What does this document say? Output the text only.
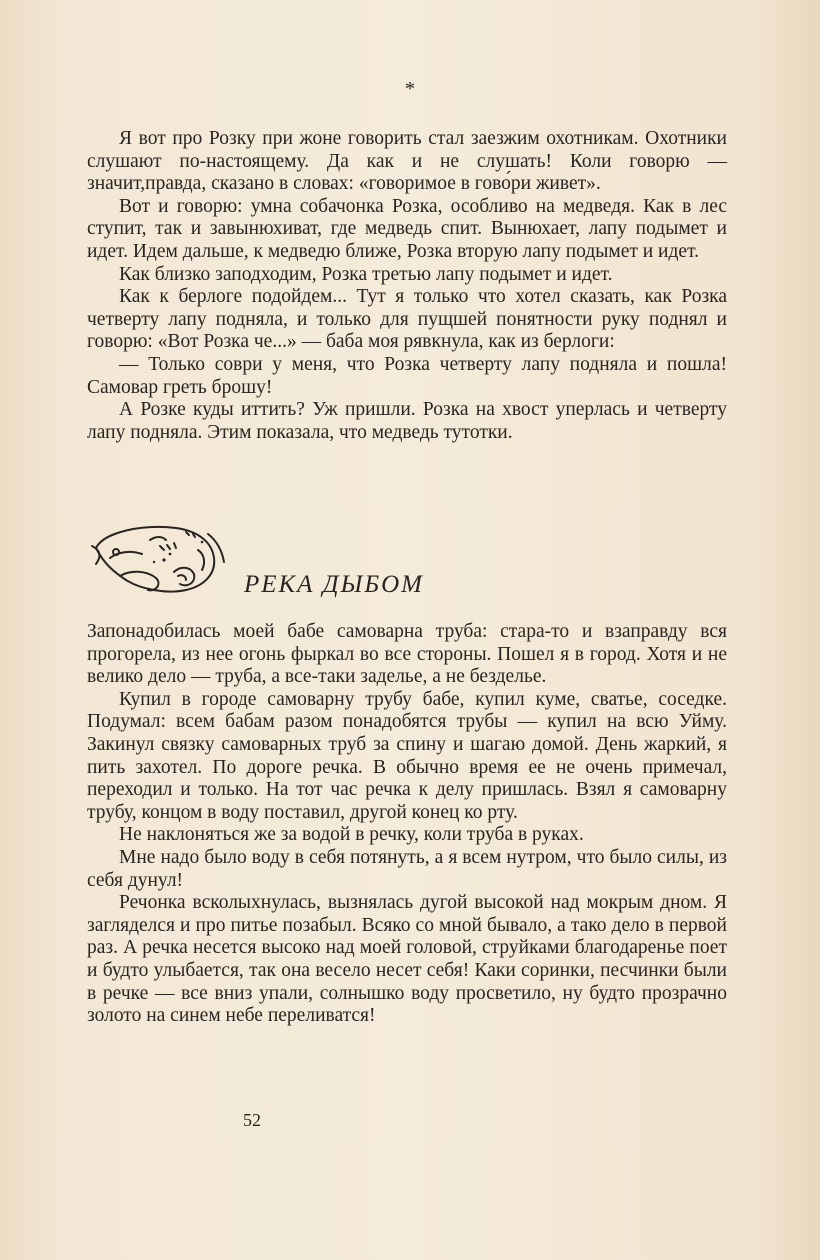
*

Я вот про Розку при жоне говорить стал заезжим охотникам. Охотники слушают по-настоящему. Да как и не слушать! Коли говорю — значит,правда, сказано в словах: «говоримое в гово́ри живет».

Вот и говорю: умна собачонка Розка, особливо на медведя. Как в лес ступит, так и завынюхиват, где медведь спит. Вынюхает, лапу подымет и идет. Идем дальше, к медведю ближе, Розка вторую лапу подымет и идет.

Как близко заподходим, Розка третью лапу подымет и идет.

Как к берлоге подойдем... Тут я только что хотел сказать, как Розка четверту лапу подняла, и только для пущшей понятности руку поднял и говорю: «Вот Розка че...» — баба моя рявкнула, как из берлоги:

— Только соври у меня, что Розка четверту лапу подняла и пошла! Самовар греть брошу!

А Розке куды иттить? Уж пришли. Розка на хвост уперлась и четверту лапу подняла. Этим показала, что медведь тутотки.

РЕКА ДЫБОМ

Запонадобилась моей бабе самоварна труба: стара-то и взаправду вся прогорела, из нее огонь фыркал во все стороны. Пошел я в город. Хотя и не велико дело — труба, а все-таки заделье, а не безделье.

Купил в городе самоварну трубу бабе, купил куме, сватье, соседке. Подумал: всем бабам разом понадобятся трубы — купил на всю Уйму. Закинул связку самоварных труб за спину и шагаю домой. День жаркий, я пить захотел. По дороге речка. В обычно время ее не очень примечал, переходил и только. На тот час речка к делу пришлась. Взял я самоварну трубу, концом в воду поставил, другой конец ко рту.

Не наклоняться же за водой в речку, коли труба в руках.

Мне надо было воду в себя потянуть, а я всем нутром, что было силы, из себя дунул!

Речонка всколыхнулась, вызнялась дугой высокой над мокрым дном. Я загляделся и про питье позабыл. Всяко со мной бывало, а тако дело в первой раз. А речка несется высоко над моей головой, струйками благодаренье поет и будто улыбается, так она весело несет себя! Каки соринки, песчинки были в речке — все вниз упали, солнышко воду просветило, ну будто прозрачно золото на синем небе переливатся!

52
